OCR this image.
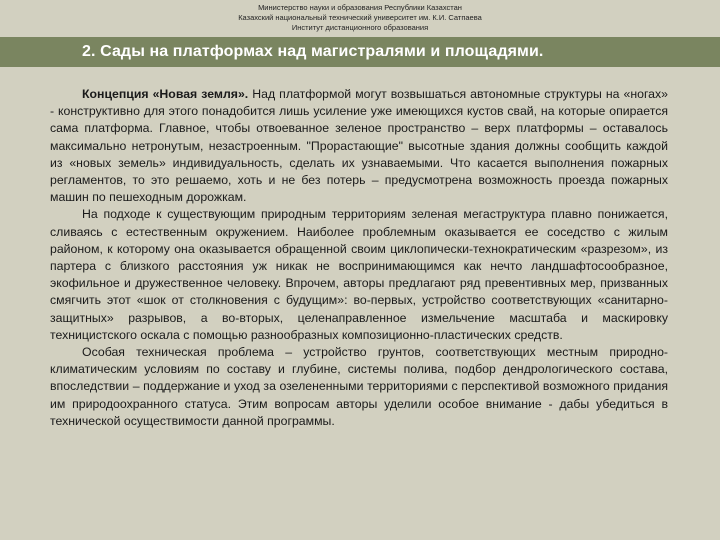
Министерство науки и образования Республики Казахстан
Казахский национальный технический университет им. К.И. Сатпаева
Институт дистанционного образования
2. Сады на платформах над магистралями и площадями.

Концепция «Новая земля». Над платформой могут возвышаться автономные структуры на «ногах» - конструктивно для этого понадобится лишь усиление уже имеющихся кустов свай, на которые опирается сама платформа. Главное, чтобы отвоеванное зеленое пространство – верх платформы – оставалось максимально нетронутым, незастроенным. "Прорастающие" высотные здания должны сообщить каждой из «новых земель» индивидуальность, сделать их узнаваемыми. Что касается выполнения пожарных регламентов, то это решаемо, хоть и не без потерь – предусмотрена возможность проезда пожарных машин по пешеходным дорожкам.

На подходе к существующим природным территориям зеленая мегаструктура плавно понижается, сливаясь с естественным окружением. Наиболее проблемным оказывается ее соседство с жилым районом, к которому она оказывается обращенной своим циклопически-технократическим «разрезом», из партера с близкого расстояния уж никак не воспринимающимся как нечто ландшафтосообразное, экофильное и дружественное человеку. Впрочем, авторы предлагают ряд превентивных мер, призванных смягчить этот «шок от столкновения с будущим»: во-первых, устройство соответствующих «санитарно-защитных» разрывов, а во-вторых, целенаправленное измельчение масштаба и маскировку техницистского оскала с помощью разнообразных композиционно-пластических средств.

Особая техническая проблема – устройство грунтов, соответствующих местным природно-климатическим условиям по составу и глубине, системы полива, подбор дендрологического состава, впоследствии – поддержание и уход за озелененными территориями с перспективой возможного придания им природоохранного статуса. Этим вопросам авторы уделили особое внимание - дабы убедиться в технической осуществимости данной программы.
